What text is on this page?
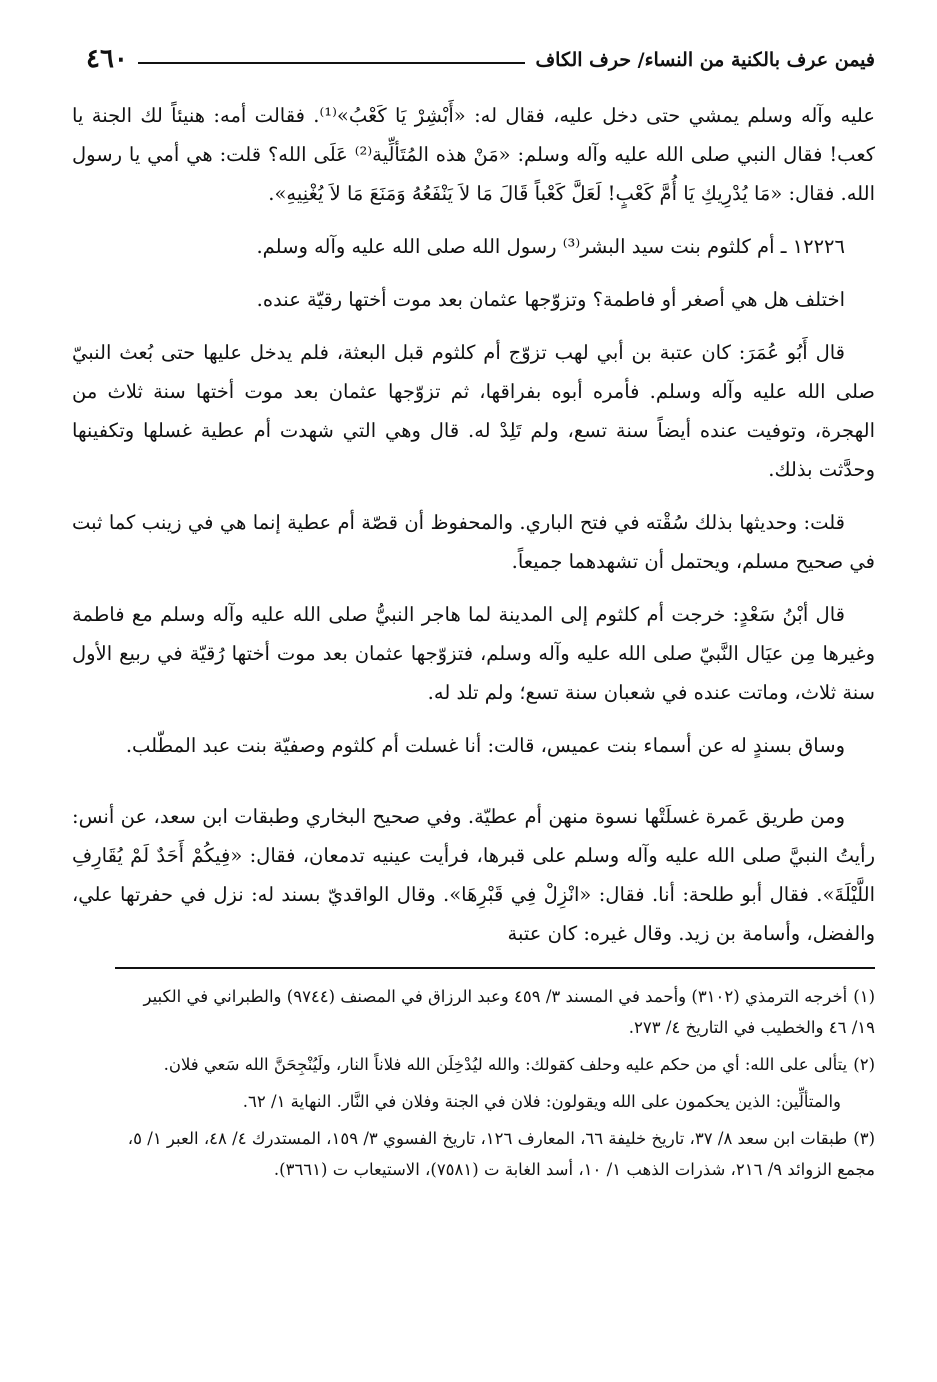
فيمن عرف بالكنية من النساء/ حرف الكاف
٤٦٠

عليه وآله وسلم يمشي حتى دخل عليه، فقال له: «أَبْشِرْ يَا كَعْبُ»⁽¹⁾. فقالت أمه: هنيئاً لك الجنة يا كعب! فقال النبي صلى الله عليه وآله وسلم: «مَنْ هذه المُتَألِّية⁽²⁾ عَلَى الله؟ قلت: هي أمي يا رسول الله. فقال: «مَا يُدْرِيكِ يَا أُمَّ كَعْبٍ! لَعَلَّ كَعْباً قَالَ مَا لاَ يَنْفَعُهُ وَمَنَعَ مَا لاَ يُغْنِيهِ».

۱۲۲۲٦ ـ أم كلثوم بنت سيد البشر⁽³⁾ رسول الله صلى الله عليه وآله وسلم.

اختلف هل هي أصغر أو فاطمة؟ وتزوّجها عثمان بعد موت أختها رقيّة عنده.

قال أَبُو عُمَرَ: كان عتبة بن أبي لهب تزوّج أم كلثوم قبل البعثة، فلم يدخل عليها حتى بُعث النبيّ صلى الله عليه وآله وسلم. فأمره أبوه بفراقها، ثم تزوّجها عثمان بعد موت أختها سنة ثلاث من الهجرة، وتوفيت عنده أيضاً سنة تسع، ولم تَلِدْ له. قال وهي التي شهدت أم عطية غسلها وتكفينها وحدَّثت بذلك.

قلت: وحديثها بذلك سُقْته في فتح الباري. والمحفوظ أن قصّة أم عطية إنما هي في زينب كما ثبت في صحيح مسلم، ويحتمل أن تشهدهما جميعاً.

قال أبْنُ سَعْدٍ: خرجت أم كلثوم إلى المدينة لما هاجر النبيُّ صلى الله عليه وآله وسلم مع فاطمة وغيرها مِن عيَال النَّبيّ صلى الله عليه وآله وسلم، فتزوّجها عثمان بعد موت أختها رُقيّة في ربيع الأول سنة ثلاث، وماتت عنده في شعبان سنة تسع؛ ولم تلد له.

وساق بسندٍ له عن أسماء بنت عميس، قالت: أنا غسلت أم كلثوم وصفيّة بنت عبد المطّلب.

ومن طريق عَمرة غسلَتْها نسوة منهن أم عطيّة. وفي صحيح البخاري وطبقات ابن سعد، عن أنس: رأيتُ النبيَّ صلى الله عليه وآله وسلم على قبرها، فرأيت عينيه تدمعان، فقال: «فِيكُمْ أَحَدٌ لَمْ يُقَارِفِ اللَّيْلَةَ». فقال أبو طلحة: أنا. فقال: «انْزِلْ فِي قَبْرِهَا». وقال الواقديّ بسند له: نزل في حفرتها علي، والفضل، وأسامة بن زيد. وقال غيره: كان عتبة

(١)أخرجه الترمذي (٣١٠٢) وأحمد في المسند ٣/ ٤٥٩ وعبد الرزاق في المصنف (٩٧٤٤) والطبراني في الكبير ١٩/ ٤٦ والخطيب في التاريخ ٤/ ٢٧٣.

(٢)يتألى على الله: أي من حكم عليه وحلف كقولك: والله ليُدْخِلَن الله فلاناً النار، ولَيُنْجِحَنَّ الله سَعي فلان.

والمتألِّين: الذين يحكمون على الله ويقولون: فلان في الجنة وفلان في النَّار. النهاية ١/ ٦٢.

(٣)طبقات ابن سعد ٨/ ٣٧، تاريخ خليفة ٦٦، المعارف ١٢٦، تاريخ الفسوي ٣/ ١٥٩، المستدرك ٤/ ٤٨، العبر ١/ ٥، مجمع الزوائد ٩/ ٢١٦، شذرات الذهب ١/ ١٠، أسد الغابة ت (٧٥٨١)، الاستيعاب ت (٣٦٦١).
